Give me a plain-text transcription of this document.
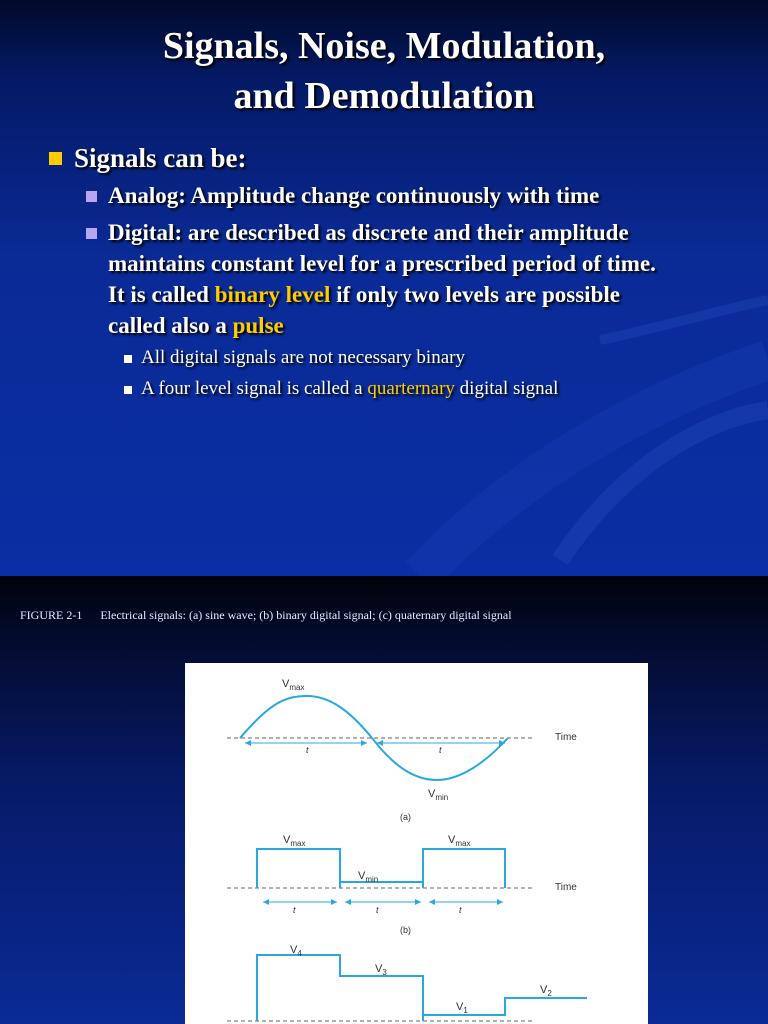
Signals, Noise, Modulation,
and Demodulation
Signals can be:
Analog: Amplitude change continuously with time
Digital: are described as discrete and their amplitude
maintains constant level for a prescribed period of time.
It is called binary level if only two levels are possible
called also a pulse
All digital signals are not necessary binary
A four level signal is called a quarternary digital signal
FIGURE 2-1 Electrical signals: (a) sine wave; (b) binary digital signal; (c) quaternary digital signal
$V_{max}$
$V_{min}$
Time
t	t
(a)
$V_{max}$	$V_{max}$
$V_{min}$
Time
t	t	t
(b)
$V_4$
$V_3$
$V_2$
$V_1$
